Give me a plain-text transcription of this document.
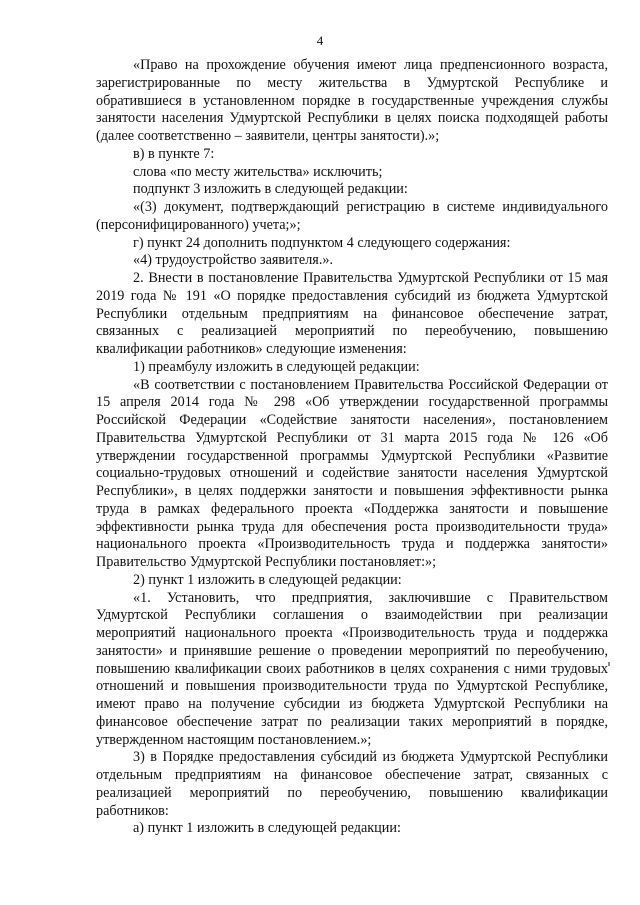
4

«Право на прохождение обучения имеют лица предпенсионного возраста, зарегистрированные по месту жительства в Удмуртской Республике и обратившиеся в установленном порядке в государственные учреждения службы занятости населения Удмуртской Республики в целях поиска подходящей работы (далее соответственно – заявители, центры занятости).»;

в) в пункте 7:

слова «по месту жительства» исключить;

подпункт 3 изложить в следующей редакции:

«(3) документ, подтверждающий регистрацию в системе индивидуального (персонифицированного) учета;»;

г) пункт 24 дополнить подпунктом 4 следующего содержания:

«4) трудоустройство заявителя.».

2. Внести в постановление Правительства Удмуртской Республики от 15 мая 2019 года № 191 «О порядке предоставления субсидий из бюджета Удмуртской Республики отдельным предприятиям на финансовое обеспечение затрат, связанных с реализацией мероприятий по переобучению, повышению квалификации работников» следующие изменения:

1) преамбулу изложить в следующей редакции:

«В соответствии с постановлением Правительства Российской Федерации от 15 апреля 2014 года № 298 «Об утверждении государственной программы Российской Федерации «Содействие занятости населения», постановлением Правительства Удмуртской Республики от 31 марта 2015 года № 126 «Об утверждении государственной программы Удмуртской Республики «Развитие социально-трудовых отношений и содействие занятости населения Удмуртской Республики», в целях поддержки занятости и повышения эффективности рынка труда в рамках федерального проекта «Поддержка занятости и повышение эффективности рынка труда для обеспечения роста производительности труда» национального проекта «Производительность труда и поддержка занятости» Правительство Удмуртской Республики постановляет:»;

2) пункт 1 изложить в следующей редакции:

«1. Установить, что предприятия, заключившие с Правительством Удмуртской Республики соглашения о взаимодействии при реализации мероприятий национального проекта «Производительность труда и поддержка занятости» и принявшие решение о проведении мероприятий по переобучению, повышению квалификации своих работников в целях сохранения с ними трудовых отношений и повышения производительности труда по Удмуртской Республике, имеют право на получение субсидии из бюджета Удмуртской Республики на финансовое обеспечение затрат по реализации таких мероприятий в порядке, утвержденном настоящим постановлением.»;

3) в Порядке предоставления субсидий из бюджета Удмуртской Республики отдельным предприятиям на финансовое обеспечение затрат, связанных с реализацией мероприятий по переобучению, повышению квалификации работников:

а) пункт 1 изложить в следующей редакции:
